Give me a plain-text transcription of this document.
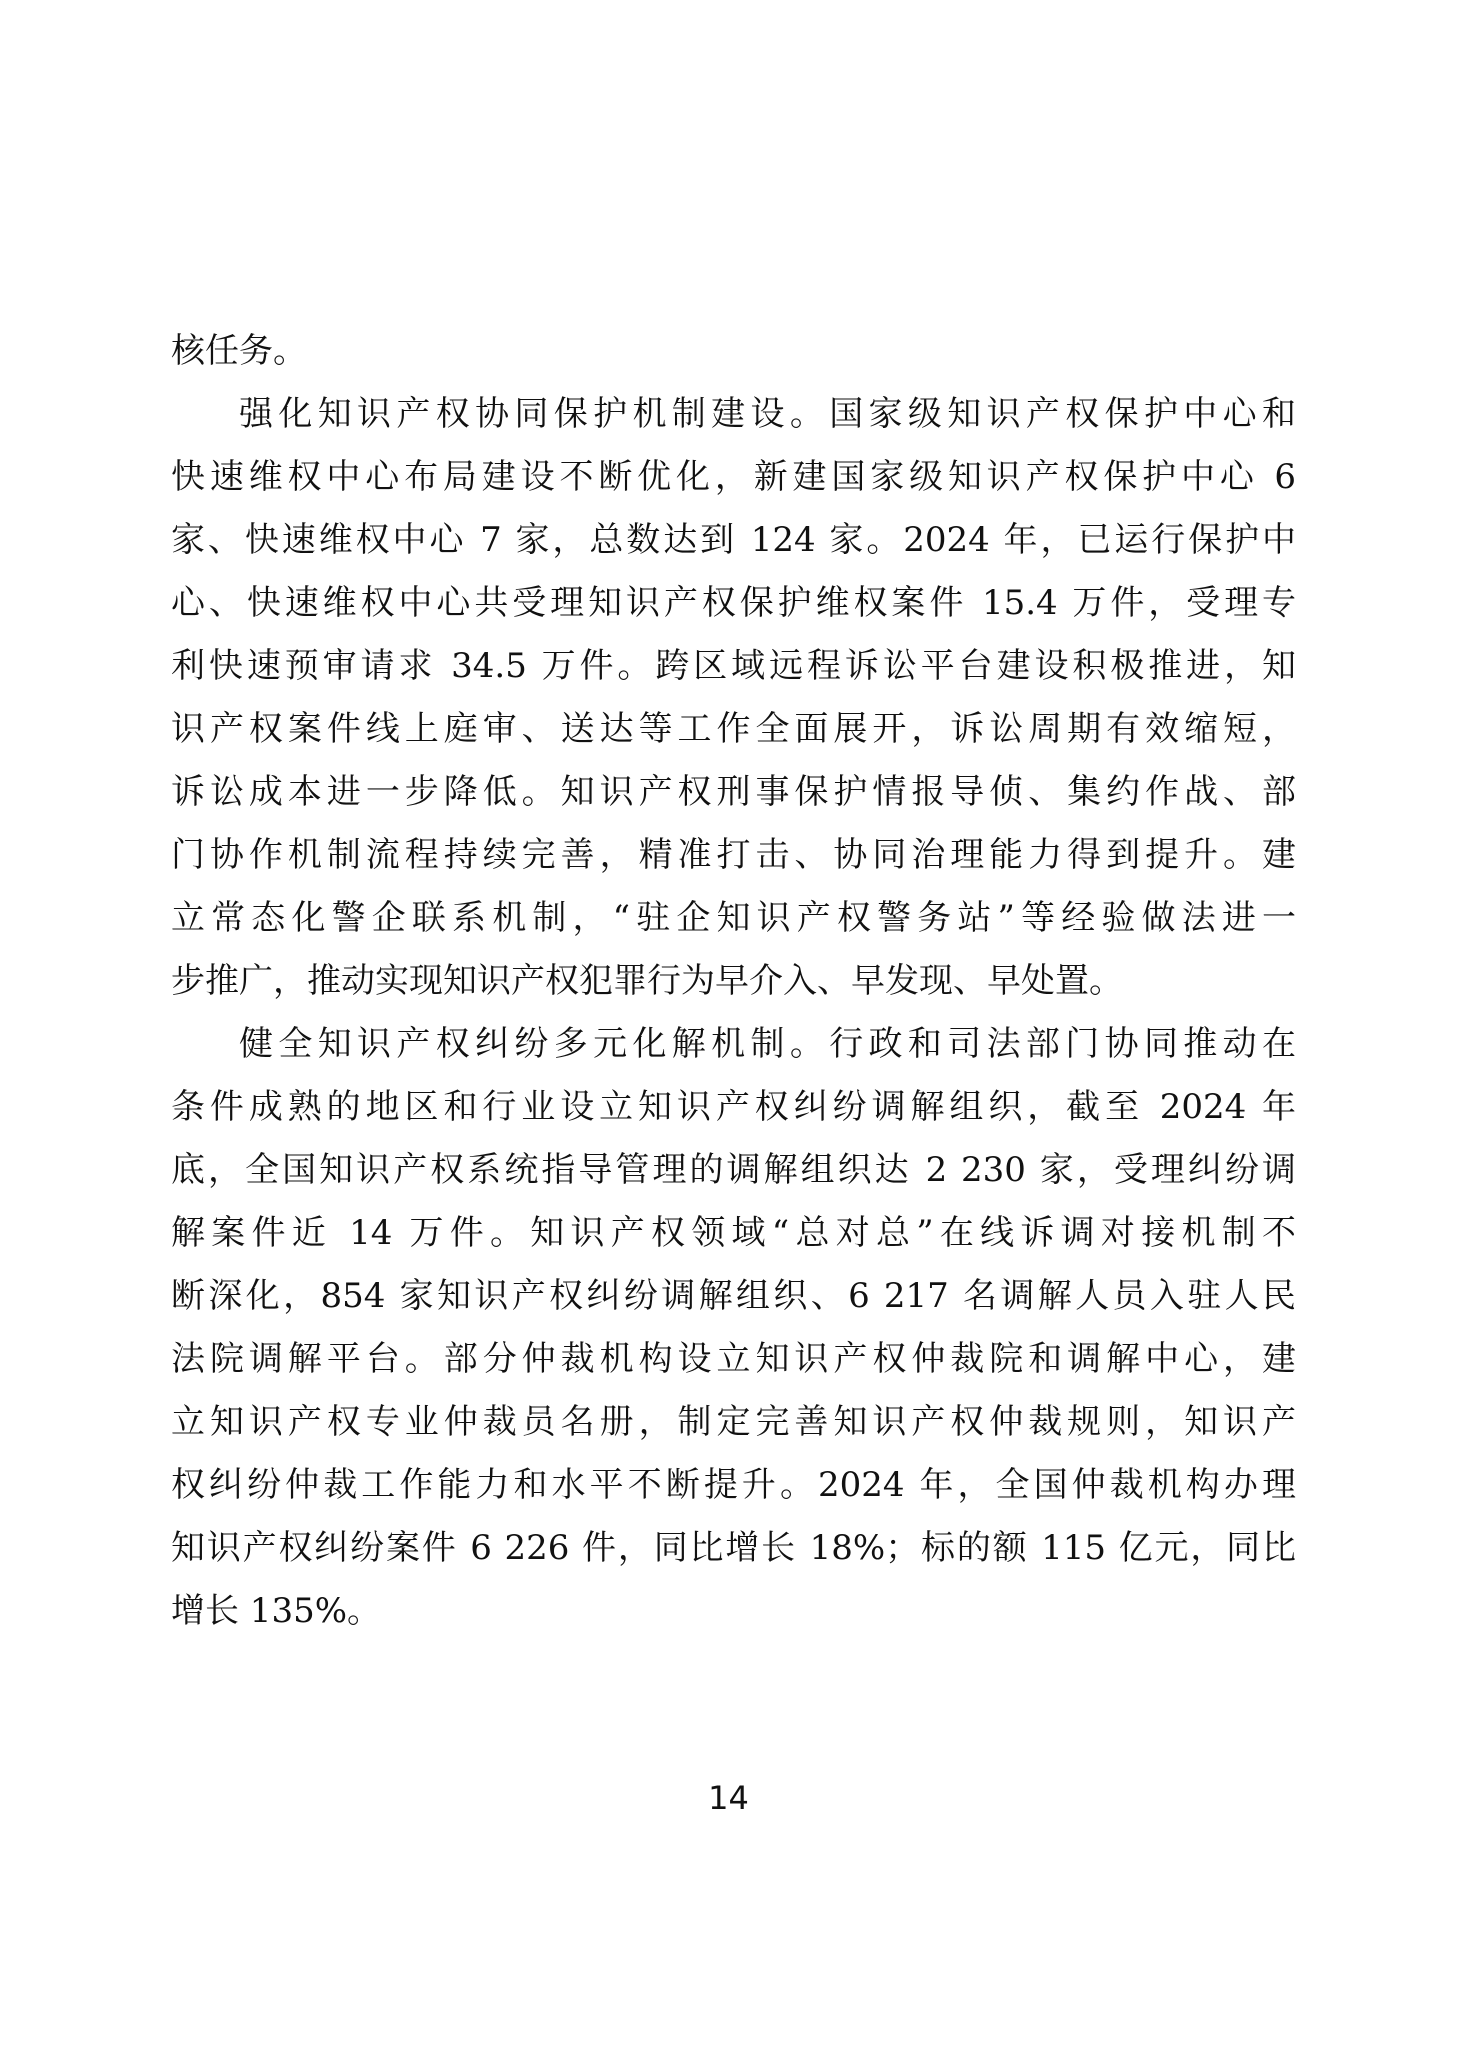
核任务。
强化知识产权协同保护机制建设。国家级知识产权保护中心和
快速维权中心布局建设不断优化，新建国家级知识产权保护中心 6
家、快速维权中心 7 家，总数达到 124 家。2024 年，已运行保护中
心、快速维权中心共受理知识产权保护维权案件 15.4 万件，受理专
利快速预审请求 34.5 万件。跨区域远程诉讼平台建设积极推进，知
识产权案件线上庭审、送达等工作全面展开，诉讼周期有效缩短，
诉讼成本进一步降低。知识产权刑事保护情报导侦、集约作战、部
门协作机制流程持续完善，精准打击、协同治理能力得到提升。建
立常态化警企联系机制，“驻企知识产权警务站”等经验做法进一
步推广，推动实现知识产权犯罪行为早介入、早发现、早处置。
健全知识产权纠纷多元化解机制。行政和司法部门协同推动在
条件成熟的地区和行业设立知识产权纠纷调解组织，截至 2024 年
底，全国知识产权系统指导管理的调解组织达 2 230 家，受理纠纷调
解案件近 14 万件。知识产权领域“总对总”在线诉调对接机制不
断深化，854 家知识产权纠纷调解组织、6 217 名调解人员入驻人民
法院调解平台。部分仲裁机构设立知识产权仲裁院和调解中心，建
立知识产权专业仲裁员名册，制定完善知识产权仲裁规则，知识产
权纠纷仲裁工作能力和水平不断提升。2024 年，全国仲裁机构办理
知识产权纠纷案件 6 226 件，同比增长 18%；标的额 115 亿元，同比
增长 135%。
14
